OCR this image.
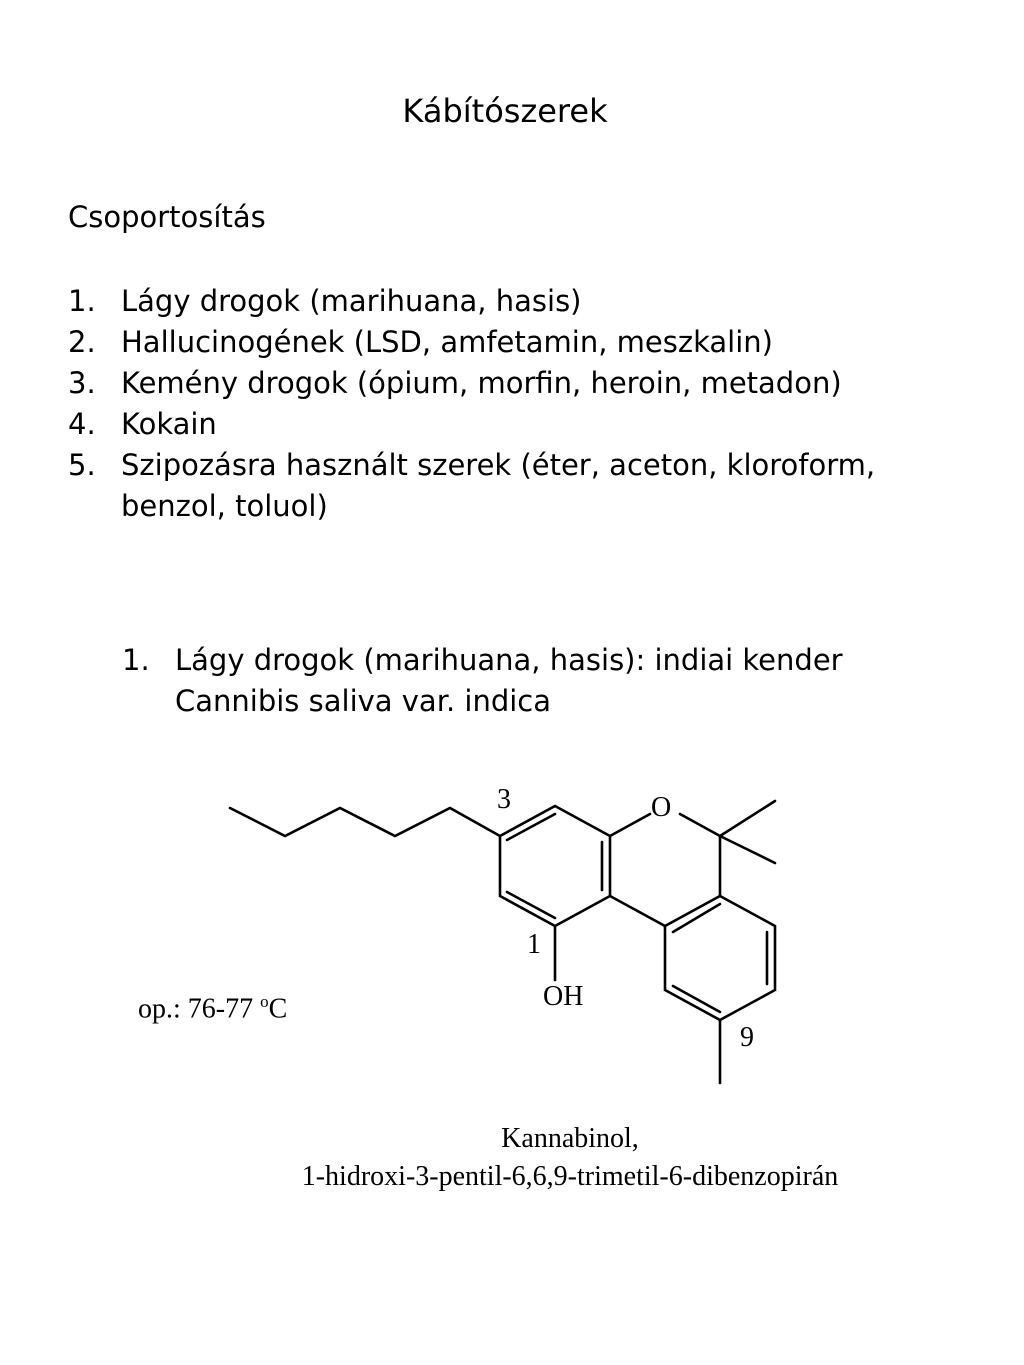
Kábítószerek
Csoportosítás
1. Lágy drogok (marihuana, hasis)
2. Hallucinogének (LSD, amfetamin, meszkalin)
3. Kemény drogok (ópium, morfin, heroin, metadon)
4. Kokain
5. Szipozásra használt szerek (éter, aceton, kloroform, benzol, toluol)
1. Lágy drogok (marihuana, hasis): indiai kender Cannibis saliva var. indica
3	O
1
OH
9
op.: 76-77 $^o$C
Kannabinol,
1-hidroxi-3-pentil-6,6,9-trimetil-6-dibenzopirán
